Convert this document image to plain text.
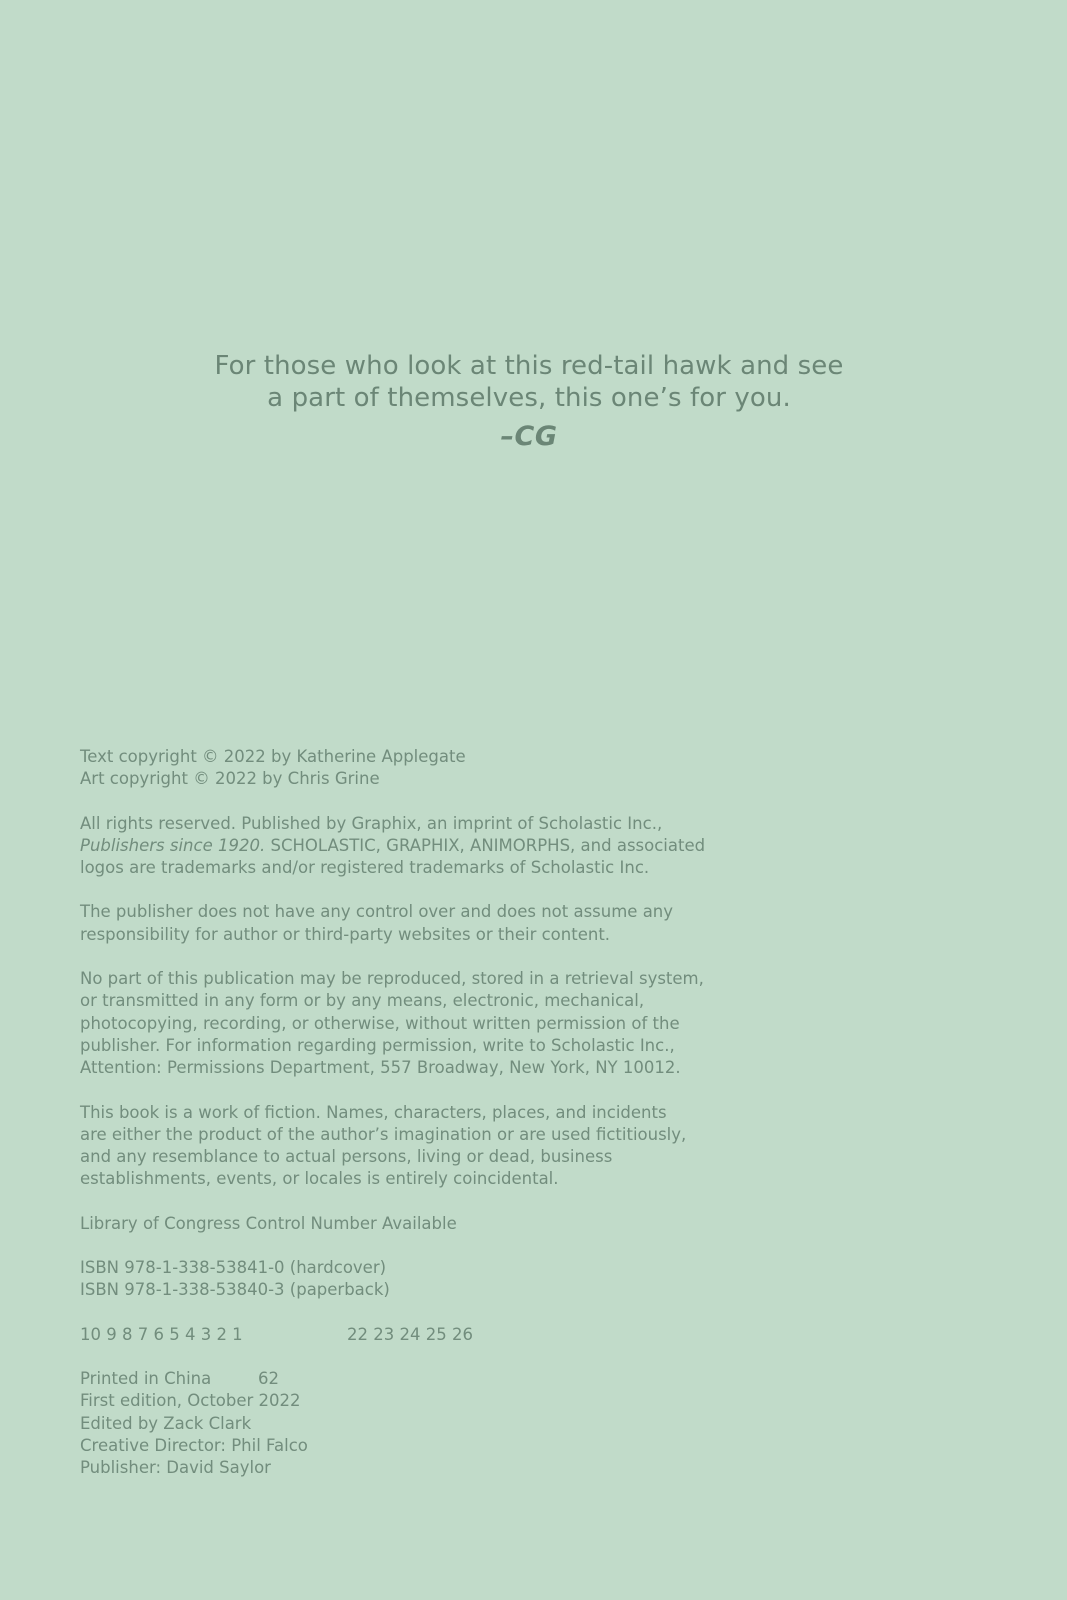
For those who look at this red-tail hawk and see
a part of themselves, this one’s for you.
–CG
Text copyright © 2022 by Katherine Applegate
Art copyright © 2022 by Chris Grine
All rights reserved. Published by Graphix, an imprint of Scholastic Inc.,
Publishers since 1920. SCHOLASTIC, GRAPHIX, ANIMORPHS, and associated
logos are trademarks and/or registered trademarks of Scholastic Inc.
The publisher does not have any control over and does not assume any
responsibility for author or third-party websites or their content.
No part of this publication may be reproduced, stored in a retrieval system,
or transmitted in any form or by any means, electronic, mechanical,
photocopying, recording, or otherwise, without written permission of the
publisher. For information regarding permission, write to Scholastic Inc.,
Attention: Permissions Department, 557 Broadway, New York, NY 10012.
This book is a work of fiction. Names, characters, places, and incidents
are either the product of the author’s imagination or are used fictitiously,
and any resemblance to actual persons, living or dead, business
establishments, events, or locales is entirely coincidental.
Library of Congress Control Number Available
ISBN 978-1-338-53841-0 (hardcover)
ISBN 978-1-338-53840-3 (paperback)
10 9 8 7 6 5 4 3 2 1	22 23 24 25 26
Printed in China	62
First edition, October 2022
Edited by Zack Clark
Creative Director: Phil Falco
Publisher: David Saylor
